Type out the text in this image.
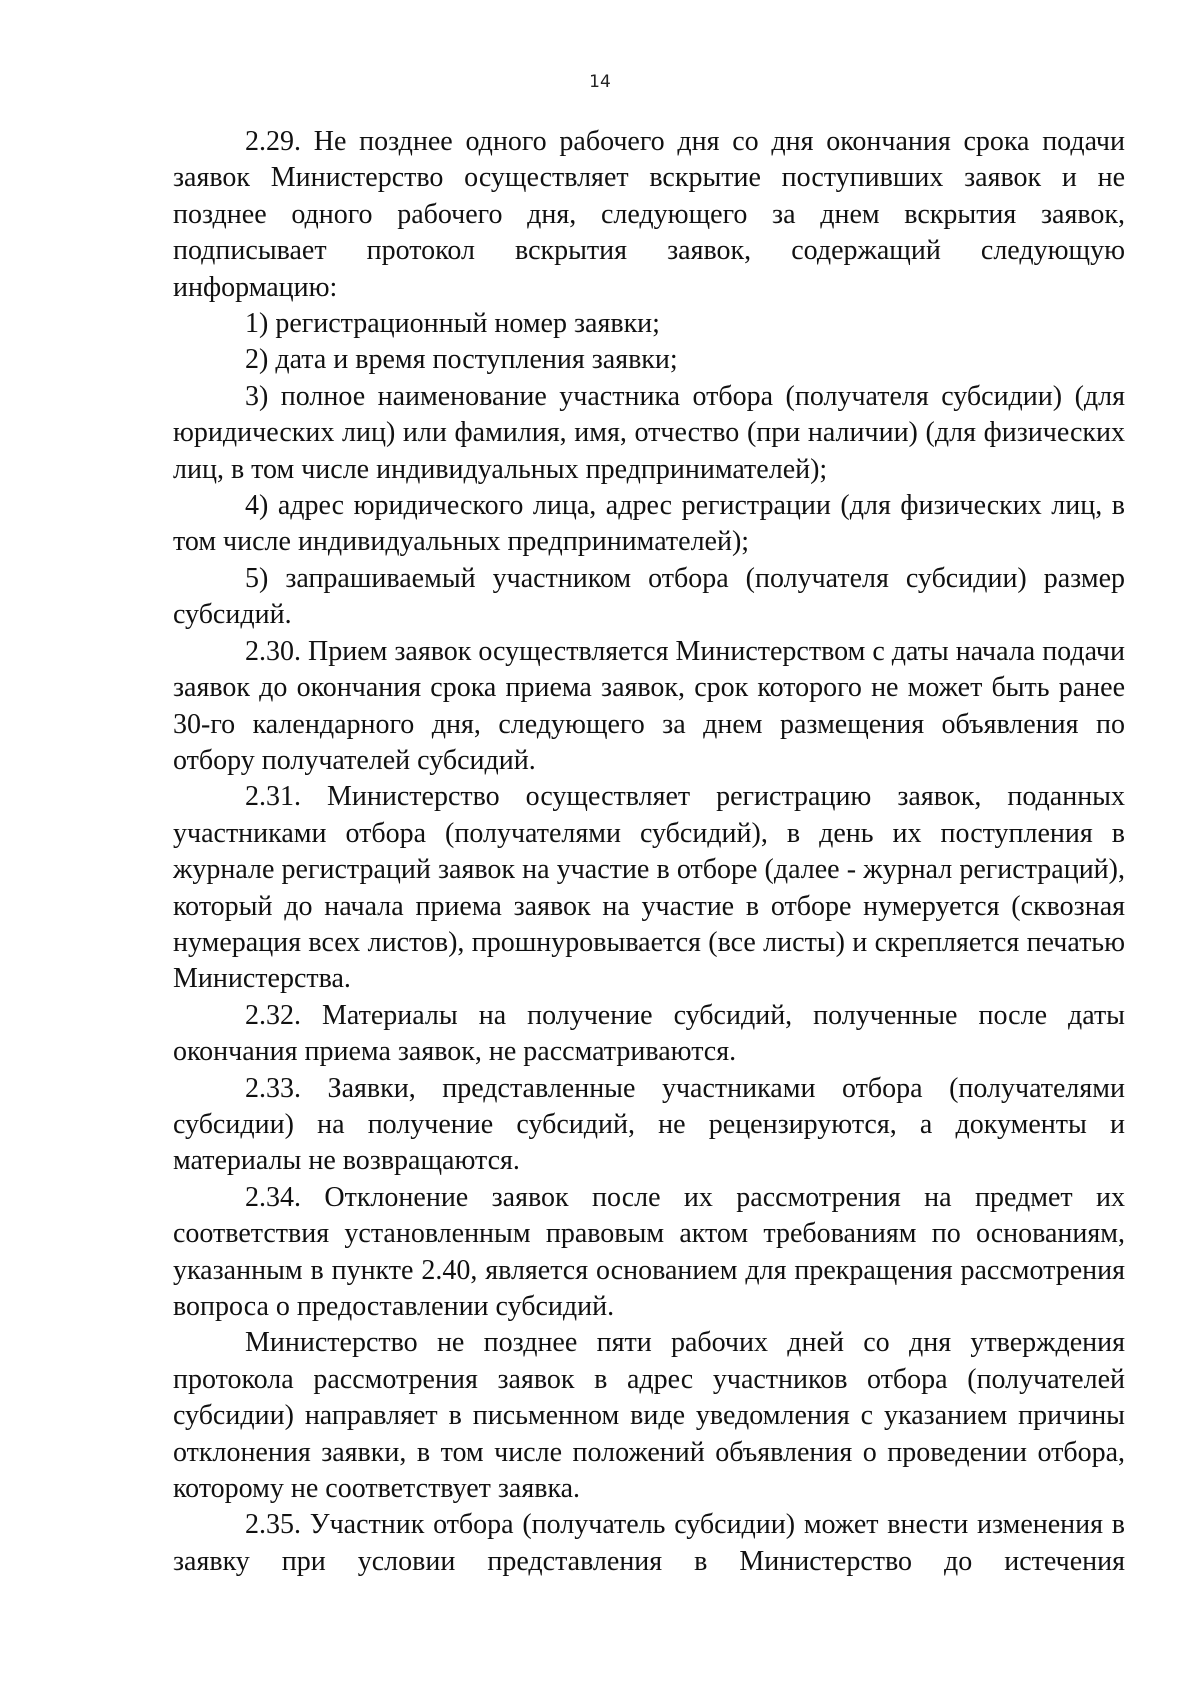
14

2.29. Не позднее одного рабочего дня со дня окончания срока подачи заявок Министерство осуществляет вскрытие поступивших заявок и не позднее одного рабочего дня, следующего за днем вскрытия заявок, подписывает протокол вскрытия заявок, содержащий следующую информацию:

1) регистрационный номер заявки;

2) дата и время поступления заявки;

3) полное наименование участника отбора (получателя субсидии) (для юридических лиц) или фамилия, имя, отчество (при наличии) (для физических лиц, в том числе индивидуальных предпринимателей);

4) адрес юридического лица, адрес регистрации (для физических лиц, в том числе индивидуальных предпринимателей);

5) запрашиваемый участником отбора (получателя субсидии) размер субсидий.

2.30. Прием заявок осуществляется Министерством с даты начала подачи заявок до окончания срока приема заявок, срок которого не может быть ранее 30-го календарного дня, следующего за днем размещения объявления по отбору получателей субсидий.

2.31. Министерство осуществляет регистрацию заявок, поданных участниками отбора (получателями субсидий), в день их поступления в журнале регистраций заявок на участие в отборе (далее - журнал регистраций), который до начала приема заявок на участие в отборе нумеруется (сквозная нумерация всех листов), прошнуровывается (все листы) и скрепляется печатью Министерства.

2.32. Материалы на получение субсидий, полученные после даты окончания приема заявок, не рассматриваются.

2.33. Заявки, представленные участниками отбора (получателями субсидии) на получение субсидий, не рецензируются, а документы и материалы не возвращаются.

2.34. Отклонение заявок после их рассмотрения на предмет их соответствия установленным правовым актом требованиям по основаниям, указанным в пункте 2.40, является основанием для прекращения рассмотрения вопроса о предоставлении субсидий.

Министерство не позднее пяти рабочих дней со дня утверждения протокола рассмотрения заявок в адрес участников отбора (получателей субсидии) направляет в письменном виде уведомления с указанием причины отклонения заявки, в том числе положений объявления о проведении отбора, которому не соответствует заявка.

2.35. Участник отбора (получатель субсидии) может внести изменения в заявку при условии представления в Министерство до истечения
